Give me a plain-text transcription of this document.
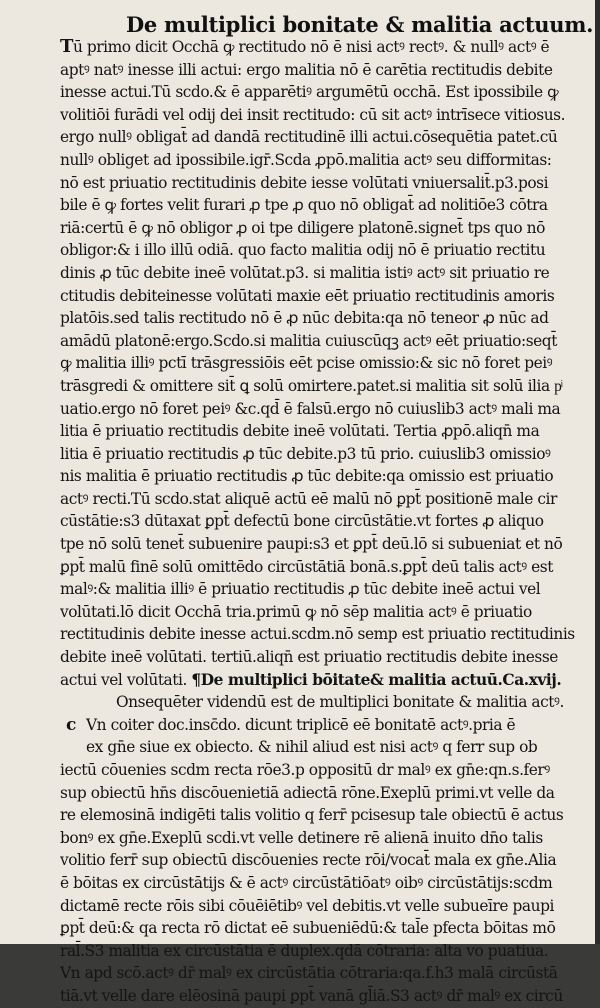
De multiplici bonitate & malitia actuum.
Tū primo dicit Occhā ꝙ rectitudo nō ē nisi actꝰ rectꝰ. & nullꝰ actꝰ ē
aptꝰ natꝰ inesse illi actui: ergo malitia nō ē carētia rectitudis debite
inesse actui.Tū scdo.& ē apparētiꝰ argumētū occhā. Est ipossibile ꝙ
volitiōi furādi vel odij dei insit rectitudo: cū sit actꝰ intrīsece vitiosus.
ergo nullꝰ obligat̄ ad dandā rectitudinē illi actui.cōsequētia patet.cū
nullꝰ obliget ad ipossibile.igr̄.Scda ꝓpō.malitia actꝰ seu difformitas:
nō est priuatio rectitudinis debite iesse volūtati vniuersalit̄.p3.posi
bile ē ꝙ fortes velit furari ꝓ tpe ꝓ quo nō obligat̄ ad nolitiōe3 cōtra
riā:certū ē ꝙ nō obligor ꝓ oi tpe diligere platonē.signet̄ tps quo nō
obligor:& i illo illū odiā. quo facto malitia odij nō ē priuatio rectitu
dinis ꝓ tūc debite ineē volūtat.p3. si malitia istiꝰ actꝰ sit priuatio re
ctitudis debiteinesse volūtati maxie eēt priuatio rectitudinis amoris
platōis.sed talis rectitudo nō ē ꝓ nūc debita:qa nō teneor ꝓ nūc ad
amādū platonē:ergo.Scdo.si malitia cuiuscūqꝫ actꝰ eēt priuatio:seqt̄
ꝙ malitia illiꝰ pctī trāsgressiōis eēt pcise omissio:& sic nō foret peiꝰ
trāsgredi & omittere sit̄ ꝗ solū omirtere.patet.si malitia sit solū ilia pͥ
uatio.ergo nō foret peiꝰ &c.qd̄ ē falsū.ergo nō cuiuslib3 actꝰ mali ma
litia ē priuatio rectitudis debite ineē volūtati. Tertia ꝓpō.aliqn̄ ma
litia ē priuatio rectitudis ꝓ tūc debite.p3 tū prio. cuiuslib3 omissioꝰ
nis malitia ē priuatio rectitudis ꝓ tūc debite:qa omissio est priuatio
actꝰ recti.Tū scdo.stat aliquē actū eē malū nō ꝑpt̄ positionē male cir
cūstātie:s3 dūtaxat ꝑpt̄ defectū bone circūstātie.vt fortes ꝓ aliquo
tpe nō solū tenet̄ subuenire paupi:s3 et ꝑpt̄ deū.lō si subueniat et nō
ꝑpt̄ malū finē solū omittēdo circūstātiā bonā.s.ꝑpt̄ deū talis actꝰ est
malꝰ:& malitia illiꝰ ē priuatio rectitudis ꝓ tūc debite ineē actui vel
volūtati.lō dicit Occhā tria.primū ꝙ nō sēp malitia actꝰ ē priuatio
rectitudinis debite inesse actui.scdm.nō semp est priuatio rectitudinis
debite ineē volūtati. tertiū.aliqn̄ est priuatio rectitudis debite inesse
actui vel volūtati. ¶De multiplici bōitate& malitia actuū.Ca.xvij.
Onsequēter videndū est de multiplici bonitate & malitia actꝰ.
c Vn coiter doc.insc̄do. dicunt triplicē eē bonitatē actꝰ.pria ē
ex gn̄e siue ex obiecto. & nihil aliud est nisi actꝰ q ferr sup ob
iectū cōuenies scdm recta rōe3.p oppositū dr malꝰ ex gn̄e:qn.s.ferꝰ
sup obiectū hn̄s discōuenietiā adiectā rōne.Exeplū primi.vt velle da
re elemosinā indigēti talis volitio q ferr̄ pcisesup tale obiectū ē actus
bonꝰ ex gn̄e.Exeplū scdi.vt velle detinere rē alienā inuito dn̄o talis
volitio ferr̄ sup obiectū discōuenies recte rōi/vocat̄ mala ex gn̄e.Alia
ē bōitas ex circūstātijs & ē actꝰ circūstātiōatꝰ oibꝰ circūstātijs:scdm
dictamē recte rōis sibi cōuēiētibꝰ vel debitis.vt velle subueīre paupi
ꝑpt̄ deū:& qa recta rō dictat eē subueniēdū:& tal̄e pfecta bōitas mō
ral̄.S3 malitia ex circūstātia ē duplex.qdā cōtraria: alta vo puatiua.
Vn apd scō.actꝰ dr̄ malꝰ ex circūstātia cōtraria:qa.f.h3 malā circūstā
tiā.vt velle dare elēosinā paupi ꝑpt̄ vanā gl̄iā.S3 actꝰ dr̄ malꝰ ex circū
